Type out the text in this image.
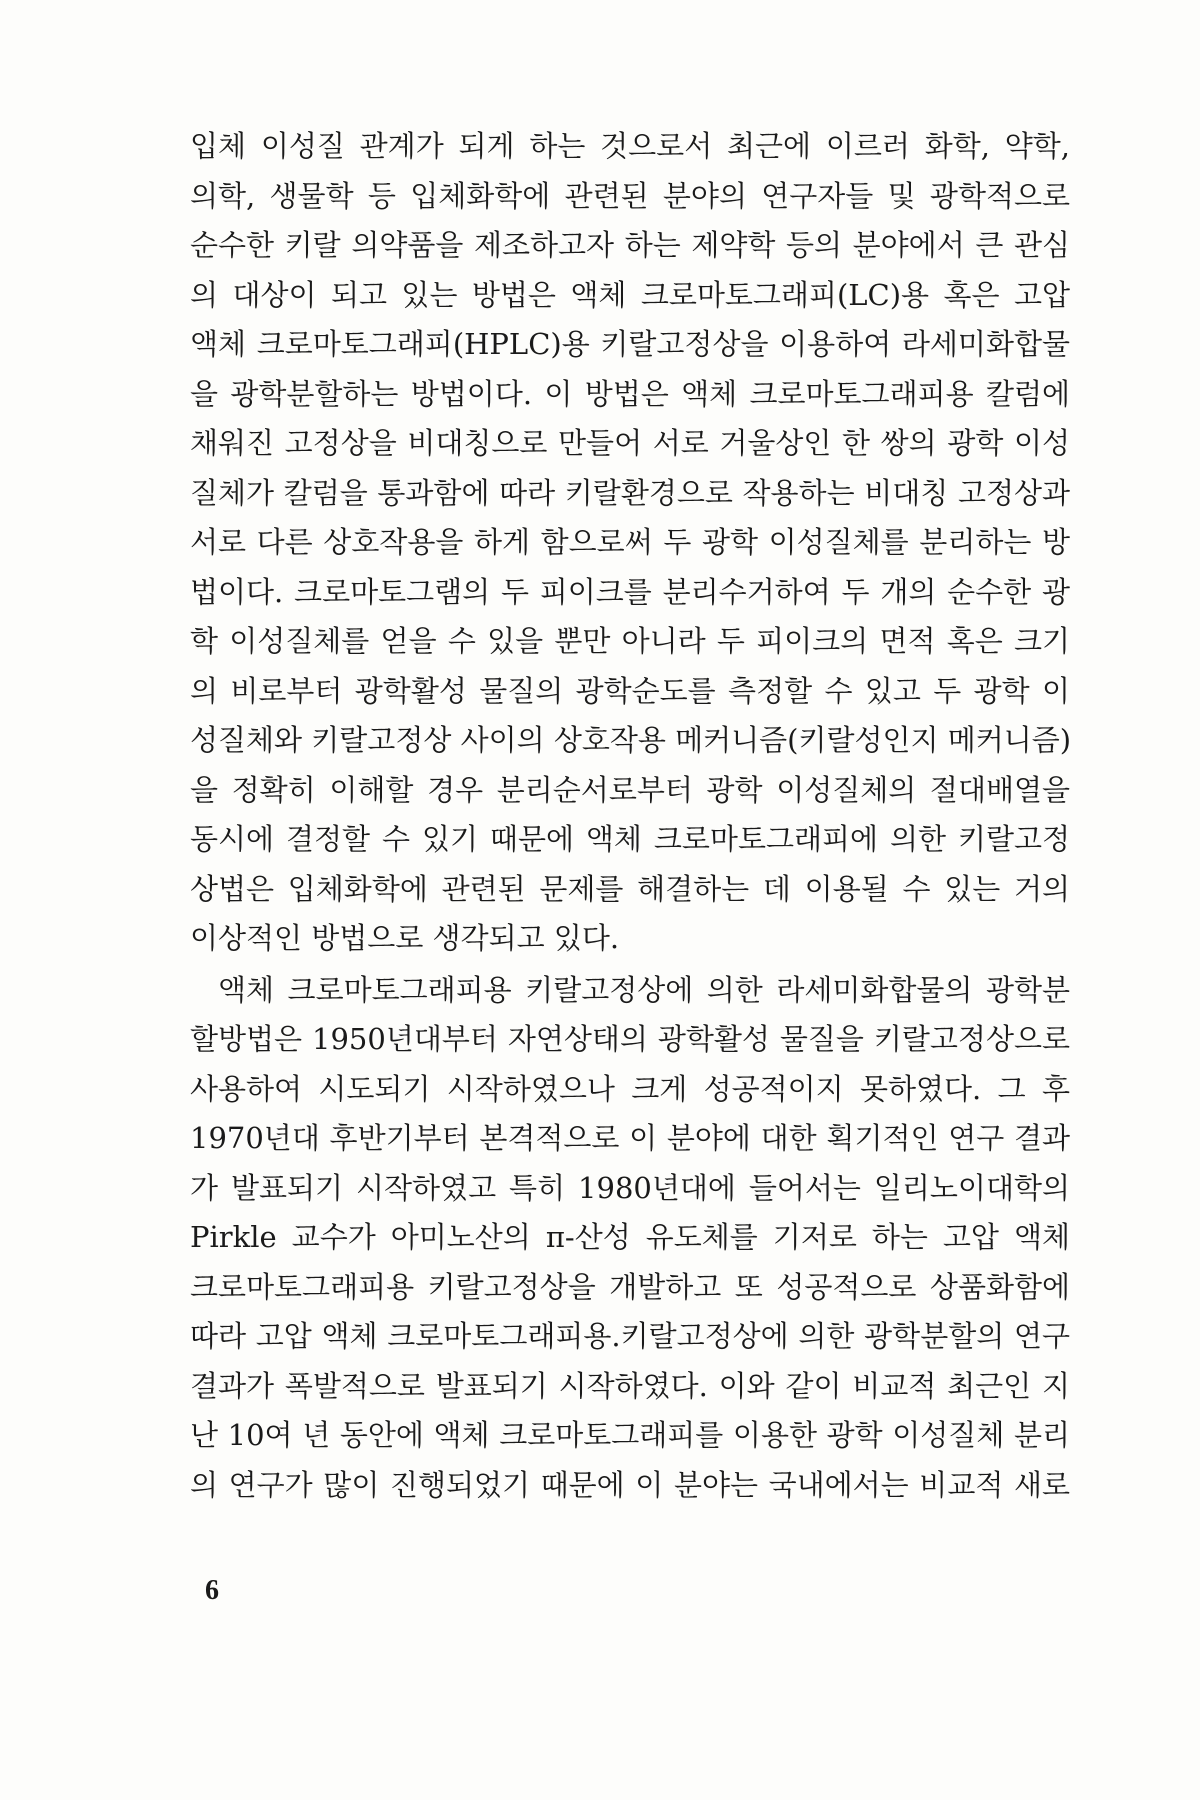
입체 이성질 관계가 되게 하는 것으로서 최근에 이르러 화학, 약학,
의학, 생물학 등 입체화학에 관련된 분야의 연구자들 및 광학적으로
순수한 키랄 의약품을 제조하고자 하는 제약학 등의 분야에서 큰 관심
의 대상이 되고 있는 방법은 액체 크로마토그래피(LC)용 혹은 고압
액체 크로마토그래피(HPLC)용 키랄고정상을 이용하여 라세미화합물
을 광학분할하는 방법이다. 이 방법은 액체 크로마토그래피용 칼럼에
채워진 고정상을 비대칭으로 만들어 서로 거울상인 한 쌍의 광학 이성
질체가 칼럼을 통과함에 따라 키랄환경으로 작용하는 비대칭 고정상과
서로 다른 상호작용을 하게 함으로써 두 광학 이성질체를 분리하는 방
법이다. 크로마토그램의 두 피이크를 분리수거하여 두 개의 순수한 광
학 이성질체를 얻을 수 있을 뿐만 아니라 두 피이크의 면적 혹은 크기
의 비로부터 광학활성 물질의 광학순도를 측정할 수 있고 두 광학 이
성질체와 키랄고정상 사이의 상호작용 메커니즘(키랄성인지 메커니즘)
을 정확히 이해할 경우 분리순서로부터 광학 이성질체의 절대배열을
동시에 결정할 수 있기 때문에 액체 크로마토그래피에 의한 키랄고정
상법은 입체화학에 관련된 문제를 해결하는 데 이용될 수 있는 거의
이상적인 방법으로 생각되고 있다.
액체 크로마토그래피용 키랄고정상에 의한 라세미화합물의 광학분
할방법은 1950년대부터 자연상태의 광학활성 물질을 키랄고정상으로
사용하여 시도되기 시작하였으나 크게 성공적이지 못하였다. 그 후
1970년대 후반기부터 본격적으로 이 분야에 대한 획기적인 연구 결과
가 발표되기 시작하였고 특히 1980년대에 들어서는 일리노이대학의
Pirkle 교수가 아미노산의 π-산성 유도체를 기저로 하는 고압 액체
크로마토그래피용 키랄고정상을 개발하고 또 성공적으로 상품화함에
따라 고압 액체 크로마토그래피용.키랄고정상에 의한 광학분할의 연구
결과가 폭발적으로 발표되기 시작하였다. 이와 같이 비교적 최근인 지
난 10여 년 동안에 액체 크로마토그래피를 이용한 광학 이성질체 분리
의 연구가 많이 진행되었기 때문에 이 분야는 국내에서는 비교적 새로
6
